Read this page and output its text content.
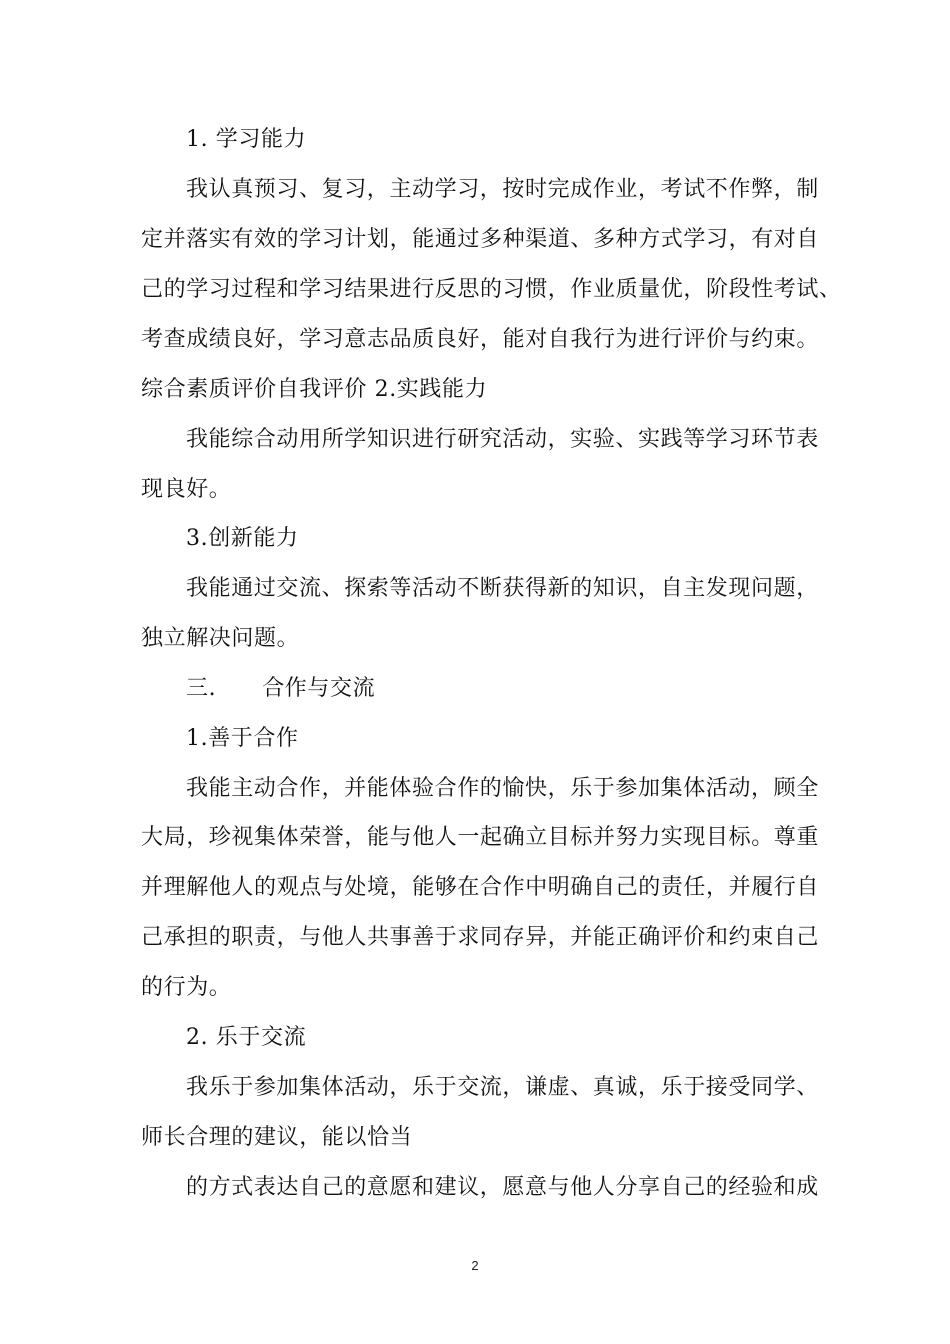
1. 学习能力
我认真预习、复习，主动学习，按时完成作业，考试不作弊，制
定并落实有效的学习计划，能通过多种渠道、多种方式学习，有对自
己的学习过程和学习结果进行反思的习惯，作业质量优，阶段性考试、
考查成绩良好，学习意志品质良好，能对自我行为进行评价与约束。
综合素质评价自我评价 2.实践能力
我能综合动用所学知识进行研究活动，实验、实践等学习环节表
现良好。
3.创新能力
我能通过交流、探索等活动不断获得新的知识，自主发现问题，
独立解决问题。
三. 合作与交流
1.善于合作
我能主动合作，并能体验合作的愉快，乐于参加集体活动，顾全
大局，珍视集体荣誉，能与他人一起确立目标并努力实现目标。尊重
并理解他人的观点与处境，能够在合作中明确自己的责任，并履行自
己承担的职责，与他人共事善于求同存异，并能正确评价和约束自己
的行为。
2. 乐于交流
我乐于参加集体活动，乐于交流，谦虚、真诚，乐于接受同学、
师长合理的建议，能以恰当
的方式表达自己的意愿和建议，愿意与他人分享自己的经验和成
2
